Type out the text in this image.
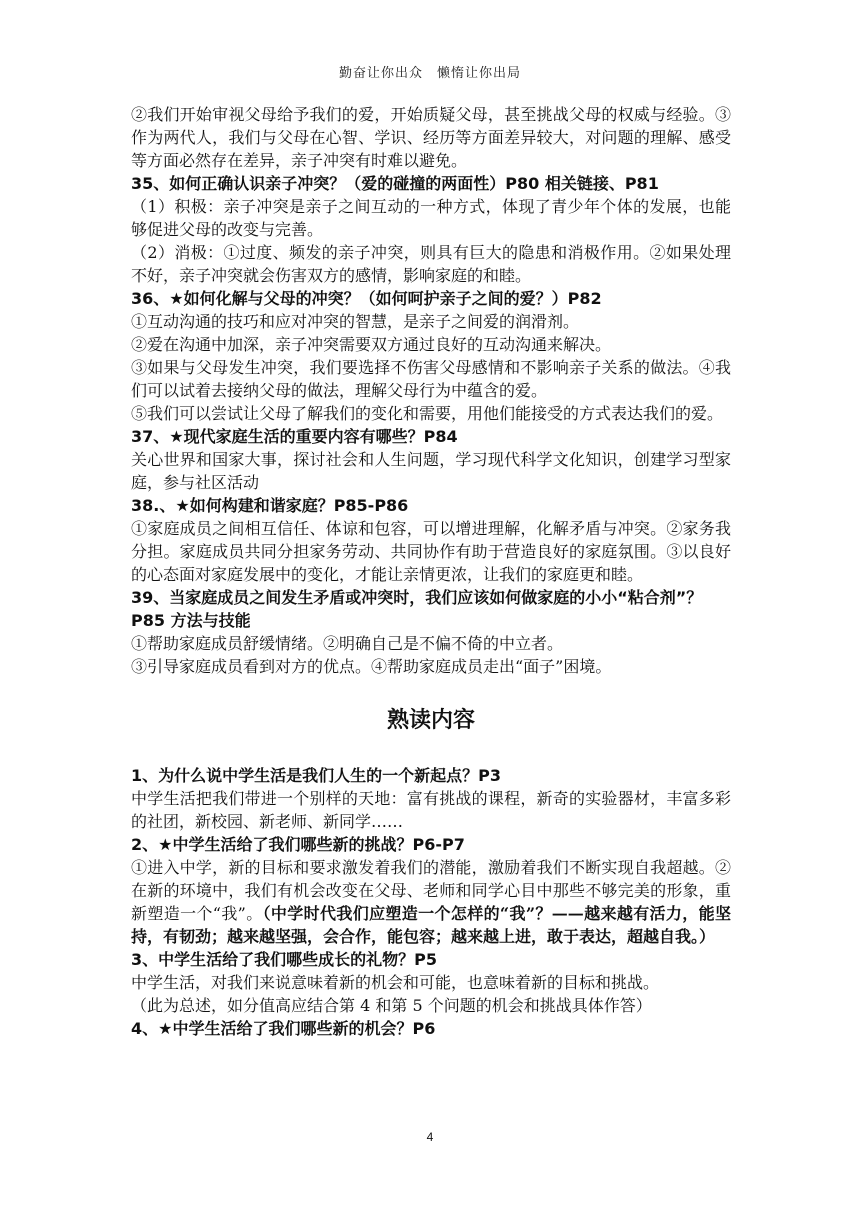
勤奋让你出众　懒惰让你出局
②我们开始审视父母给予我们的爱，开始质疑父母，甚至挑战父母的权威与经验。③作为两代人，我们与父母在心智、学识、经历等方面差异较大，对问题的理解、感受等方面必然存在差异，亲子冲突有时难以避免。
35、如何正确认识亲子冲突？（爱的碰撞的两面性）P80 相关链接、P81
（1）积极：亲子冲突是亲子之间互动的一种方式，体现了青少年个体的发展，也能够促进父母的改变与完善。
（2）消极：①过度、频发的亲子冲突，则具有巨大的隐患和消极作用。②如果处理不好，亲子冲突就会伤害双方的感情，影响家庭的和睦。
36、★如何化解与父母的冲突？（如何呵护亲子之间的爱？）P82
①互动沟通的技巧和应对冲突的智慧，是亲子之间爱的润滑剂。
②爱在沟通中加深，亲子冲突需要双方通过良好的互动沟通来解决。
③如果与父母发生冲突，我们要选择不伤害父母感情和不影响亲子关系的做法。④我们可以试着去接纳父母的做法，理解父母行为中蕴含的爱。
⑤我们可以尝试让父母了解我们的变化和需要，用他们能接受的方式表达我们的爱。
37、★现代家庭生活的重要内容有哪些？P84
关心世界和国家大事，探讨社会和人生问题，学习现代科学文化知识，创建学习型家庭，参与社区活动
38.、★如何构建和谐家庭？P85-P86
①家庭成员之间相互信任、体谅和包容，可以增进理解，化解矛盾与冲突。②家务我分担。家庭成员共同分担家务劳动、共同协作有助于营造良好的家庭氛围。③以良好的心态面对家庭发展中的变化，才能让亲情更浓，让我们的家庭更和睦。
39、当家庭成员之间发生矛盾或冲突时，我们应该如何做家庭的小小“粘合剂”？P85 方法与技能
①帮助家庭成员舒缓情绪。②明确自己是不偏不倚的中立者。
③引导家庭成员看到对方的优点。④帮助家庭成员走出“面子”困境。
熟读内容
1、为什么说中学生活是我们人生的一个新起点？P3
中学生活把我们带进一个别样的天地：富有挑战的课程，新奇的实验器材，丰富多彩的社团，新校园、新老师、新同学……
2、★中学生活给了我们哪些新的挑战？P6-P7
①进入中学，新的目标和要求激发着我们的潜能，激励着我们不断实现自我超越。②在新的环境中，我们有机会改变在父母、老师和同学心目中那些不够完美的形象，重新塑造一个“我”。（中学时代我们应塑造一个怎样的“我”？——越来越有活力，能坚持，有韧劲；越来越坚强，会合作，能包容；越来越上进，敢于表达，超越自我。）
3、中学生活给了我们哪些成长的礼物？P5
中学生活，对我们来说意味着新的机会和可能，也意味着新的目标和挑战。
（此为总述，如分值高应结合第 4 和第 5 个问题的机会和挑战具体作答）
4、★中学生活给了我们哪些新的机会？P6
4
